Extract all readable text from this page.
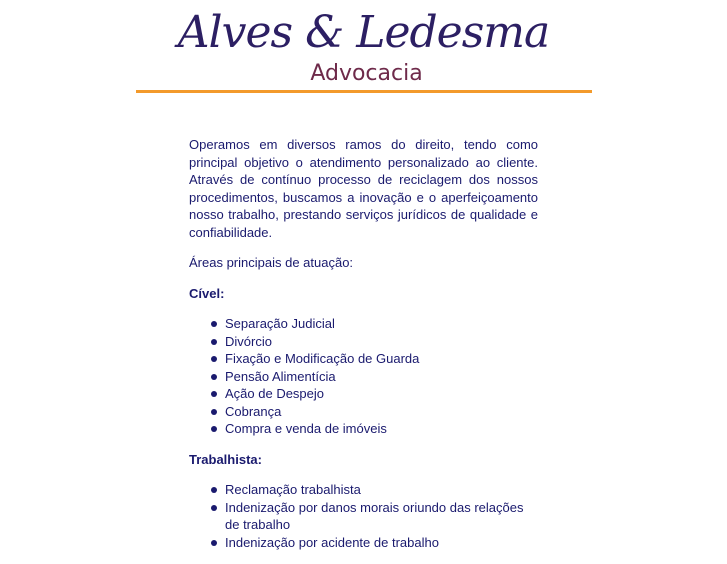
Alves & Ledesma
Advocacia

Operamos em diversos ramos do direito, tendo como principal objetivo o atendimento personalizado ao cliente. Através de contínuo processo de reciclagem dos nossos procedimentos, buscamos a inovação e o aperfeiçoamento nosso trabalho, prestando serviços jurídicos de qualidade e confiabilidade.

Áreas principais de atuação:

Cível:
Separação Judicial
Divórcio
Fixação e Modificação de Guarda
Pensão Alimentícia
Ação de Despejo
Cobrança
Compra e venda de imóveis
Trabalhista:
Reclamação trabalhista
Indenização por danos morais oriundo das relações de trabalho
Indenização por acidente de trabalho
